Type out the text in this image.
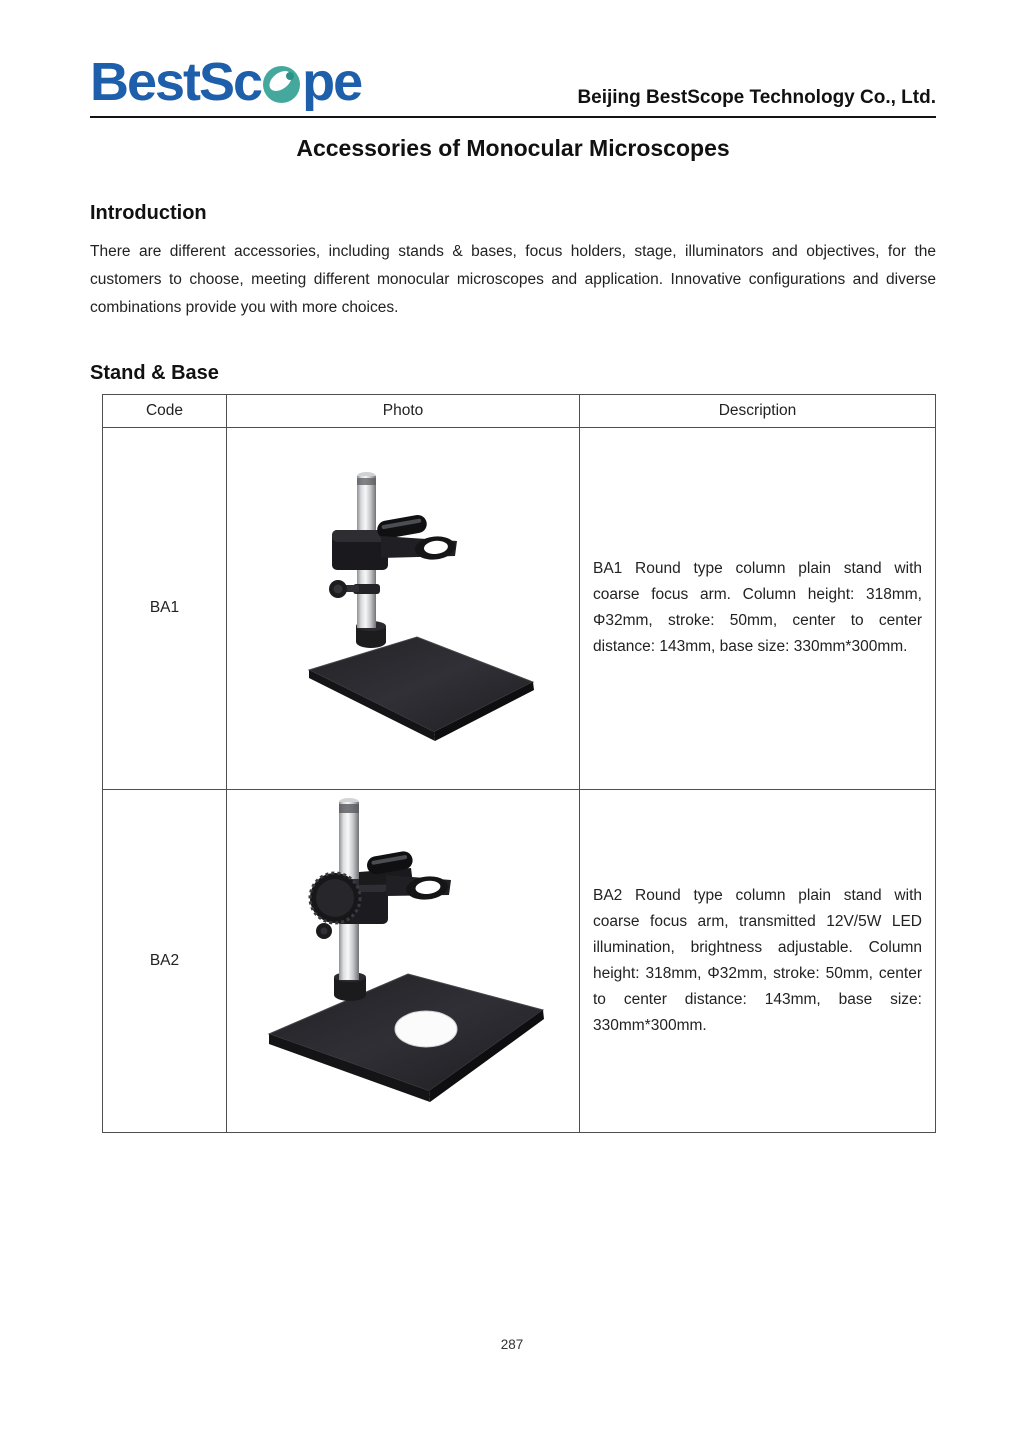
BestSc pe	Beijing BestScope Technology Co., Ltd.
Accessories of Monocular Microscopes
Introduction

There are different accessories, including stands & bases, focus holders, stage, illuminators and objectives, for the customers to choose, meeting different monocular microscopes and application. Innovative configurations and diverse combinations provide you with more choices.

Stand & Base
Code	Photo	Description
BA1		BA1 Round type column plain stand with coarse focus arm. Column height: 318mm, Φ32mm, stroke: 50mm, center to center distance: 143mm, base size: 330mm*300mm.
BA2		BA2 Round type column plain stand with coarse focus arm, transmitted 12V/5W LED illumination, brightness adjustable. Column height: 318mm, Φ32mm, stroke: 50mm, center to center distance: 143mm, base size: 330mm*300mm.
287
